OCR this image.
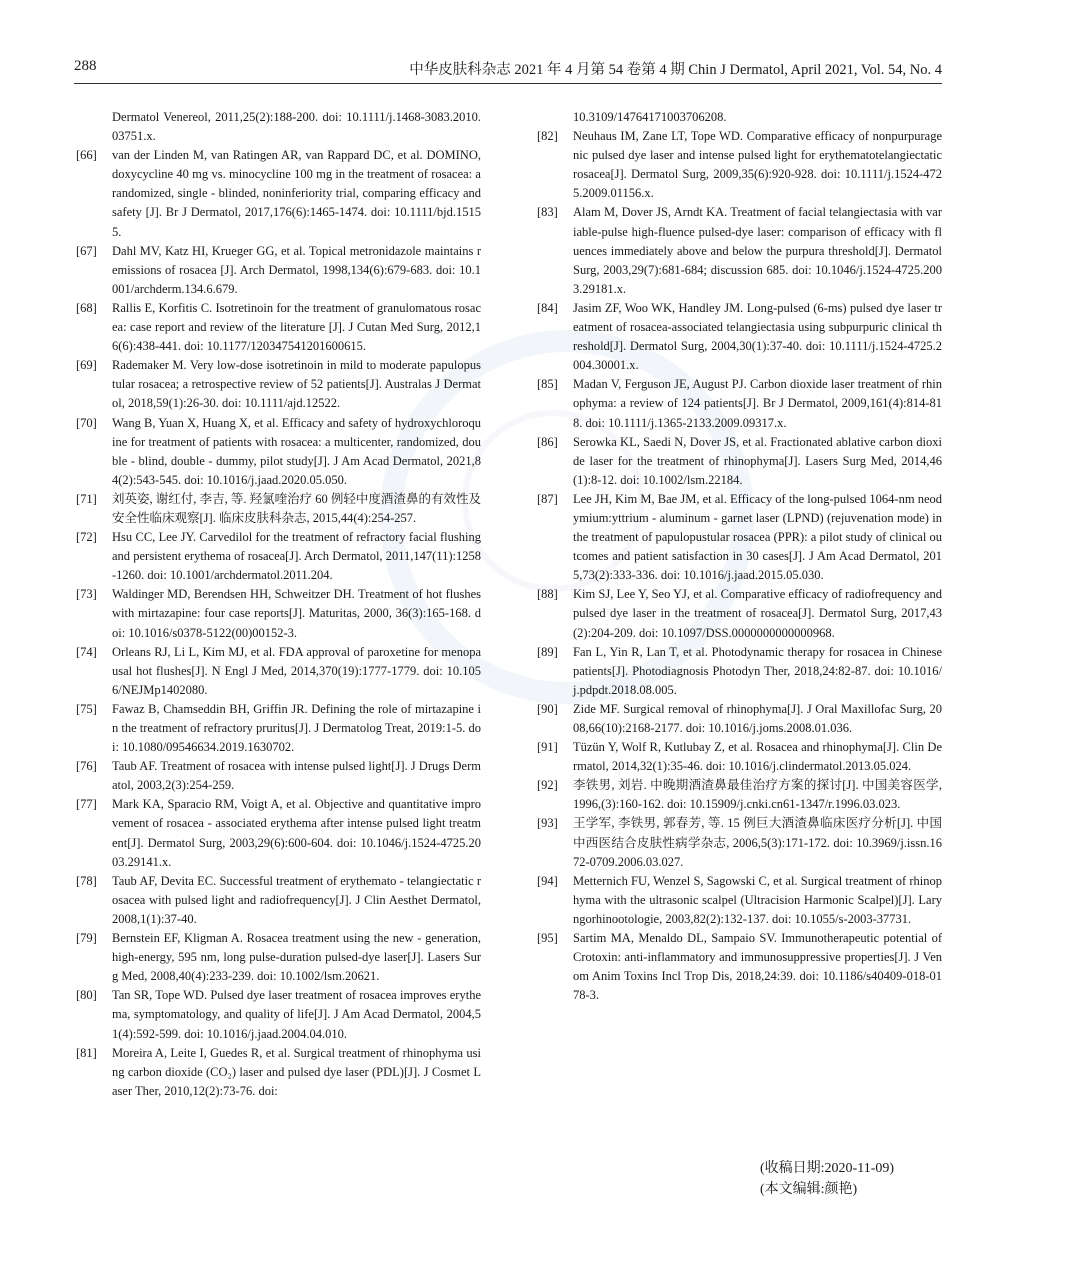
288	中华皮肤科杂志 2021 年 4 月第 54 卷第 4 期 Chin J Dermatol, April 2021, Vol. 54, No. 4
Dermatol Venereol, 2011,25(2):188-200. doi: 10.1111/j.1468-3083.2010.03751.x.
[66]	van der Linden M, van Ratingen AR, van Rappard DC, et al. DOMINO, doxycycline 40 mg vs. minocycline 100 mg in the treatment of rosacea: a randomized, single - blinded, noninferiority trial, comparing efficacy and safety [J]. Br J Dermatol, 2017,176(6):1465-1474. doi: 10.1111/bjd.15155.
[67]	Dahl MV, Katz HI, Krueger GG, et al. Topical metronidazole maintains remissions of rosacea [J]. Arch Dermatol, 1998,134(6):679-683. doi: 10.1001/archderm.134.6.679.
[68]	Rallis E, Korfitis C. Isotretinoin for the treatment of granulomatous rosacea: case report and review of the literature [J]. J Cutan Med Surg, 2012,16(6):438-441. doi: 10.1177/120347541201600615.
[69]	Rademaker M. Very low-dose isotretinoin in mild to moderate papulopustular rosacea; a retrospective review of 52 patients[J]. Australas J Dermatol, 2018,59(1):26-30. doi: 10.1111/ajd.12522.
[70]	Wang B, Yuan X, Huang X, et al. Efficacy and safety of hydroxychloroquine for treatment of patients with rosacea: a multicenter, randomized, double - blind, double - dummy, pilot study[J]. J Am Acad Dermatol, 2021,84(2):543-545. doi: 10.1016/j.jaad.2020.05.050.
[71]	刘英姿, 谢红付, 李吉, 等. 羟氯喹治疗 60 例轻中度酒渣鼻的有效性及安全性临床观察[J]. 临床皮肤科杂志, 2015,44(4):254-257.
[72]	Hsu CC, Lee JY. Carvedilol for the treatment of refractory facial flushing and persistent erythema of rosacea[J]. Arch Dermatol, 2011,147(11):1258-1260. doi: 10.1001/archdermatol.2011.204.
[73]	Waldinger MD, Berendsen HH, Schweitzer DH. Treatment of hot flushes with mirtazapine: four case reports[J]. Maturitas, 2000, 36(3):165-168. doi: 10.1016/s0378-5122(00)00152-3.
[74]	Orleans RJ, Li L, Kim MJ, et al. FDA approval of paroxetine for menopausal hot flushes[J]. N Engl J Med, 2014,370(19):1777-1779. doi: 10.1056/NEJMp1402080.
[75]	Fawaz B, Chamseddin BH, Griffin JR. Defining the role of mirtazapine in the treatment of refractory pruritus[J]. J Dermatolog Treat, 2019:1-5. doi: 10.1080/09546634.2019.1630702.
[76]	Taub AF. Treatment of rosacea with intense pulsed light[J]. J Drugs Dermatol, 2003,2(3):254-259.
[77]	Mark KA, Sparacio RM, Voigt A, et al. Objective and quantitative improvement of rosacea - associated erythema after intense pulsed light treatment[J]. Dermatol Surg, 2003,29(6):600-604. doi: 10.1046/j.1524-4725.2003.29141.x.
[78]	Taub AF, Devita EC. Successful treatment of erythemato - telangiectatic rosacea with pulsed light and radiofrequency[J]. J Clin Aesthet Dermatol, 2008,1(1):37-40.
[79]	Bernstein EF, Kligman A. Rosacea treatment using the new - generation, high-energy, 595 nm, long pulse-duration pulsed-dye laser[J]. Lasers Surg Med, 2008,40(4):233-239. doi: 10.1002/lsm.20621.
[80]	Tan SR, Tope WD. Pulsed dye laser treatment of rosacea improves erythema, symptomatology, and quality of life[J]. J Am Acad Dermatol, 2004,51(4):592-599. doi: 10.1016/j.jaad.2004.04.010.
[81]	Moreira A, Leite I, Guedes R, et al. Surgical treatment of rhinophyma using carbon dioxide (CO₂) laser and pulsed dye laser (PDL)[J]. J Cosmet Laser Ther, 2010,12(2):73-76. doi:
10.3109/14764171003706208.
[82]	Neuhaus IM, Zane LT, Tope WD. Comparative efficacy of nonpurpuragenic pulsed dye laser and intense pulsed light for erythematotelangiectatic rosacea[J]. Dermatol Surg, 2009,35(6):920-928. doi: 10.1111/j.1524-4725.2009.01156.x.
[83]	Alam M, Dover JS, Arndt KA. Treatment of facial telangiectasia with variable-pulse high-fluence pulsed-dye laser: comparison of efficacy with fluences immediately above and below the purpura threshold[J]. Dermatol Surg, 2003,29(7):681-684; discussion 685. doi: 10.1046/j.1524-4725.2003.29181.x.
[84]	Jasim ZF, Woo WK, Handley JM. Long-pulsed (6-ms) pulsed dye laser treatment of rosacea-associated telangiectasia using subpurpuric clinical threshold[J]. Dermatol Surg, 2004,30(1):37-40. doi: 10.1111/j.1524-4725.2004.30001.x.
[85]	Madan V, Ferguson JE, August PJ. Carbon dioxide laser treatment of rhinophyma: a review of 124 patients[J]. Br J Dermatol, 2009,161(4):814-818. doi: 10.1111/j.1365-2133.2009.09317.x.
[86]	Serowka KL, Saedi N, Dover JS, et al. Fractionated ablative carbon dioxide laser for the treatment of rhinophyma[J]. Lasers Surg Med, 2014,46(1):8-12. doi: 10.1002/lsm.22184.
[87]	Lee JH, Kim M, Bae JM, et al. Efficacy of the long-pulsed 1064-nm neodymium:yttrium - aluminum - garnet laser (LPND) (rejuvenation mode) in the treatment of papulopustular rosacea (PPR): a pilot study of clinical outcomes and patient satisfaction in 30 cases[J]. J Am Acad Dermatol, 2015,73(2):333-336. doi: 10.1016/j.jaad.2015.05.030.
[88]	Kim SJ, Lee Y, Seo YJ, et al. Comparative efficacy of radiofrequency and pulsed dye laser in the treatment of rosacea[J]. Dermatol Surg, 2017,43(2):204-209. doi: 10.1097/DSS.0000000000000968.
[89]	Fan L, Yin R, Lan T, et al. Photodynamic therapy for rosacea in Chinese patients[J]. Photodiagnosis Photodyn Ther, 2018,24:82-87. doi: 10.1016/j.pdpdt.2018.08.005.
[90]	Zide MF. Surgical removal of rhinophyma[J]. J Oral Maxillofac Surg, 2008,66(10):2168-2177. doi: 10.1016/j.joms.2008.01.036.
[91]	Tüzün Y, Wolf R, Kutlubay Z, et al. Rosacea and rhinophyma[J]. Clin Dermatol, 2014,32(1):35-46. doi: 10.1016/j.clindermatol.2013.05.024.
[92]	李铁男, 刘岩. 中晚期酒渣鼻最佳治疗方案的探讨[J]. 中国美容医学, 1996,(3):160-162. doi: 10.15909/j.cnki.cn61-1347/r.1996.03.023.
[93]	王学军, 李铁男, 郭春芳, 等. 15 例巨大酒渣鼻临床医疗分析[J]. 中国中西医结合皮肤性病学杂志, 2006,5(3):171-172. doi: 10.3969/j.issn.1672-0709.2006.03.027.
[94]	Metternich FU, Wenzel S, Sagowski C, et al. Surgical treatment of rhinophyma with the ultrasonic scalpel (Ultracision Harmonic Scalpel)[J]. Laryngorhinootologie, 2003,82(2):132-137. doi: 10.1055/s-2003-37731.
[95]	Sartim MA, Menaldo DL, Sampaio SV. Immunotherapeutic potential of Crotoxin: anti-inflammatory and immunosuppressive properties[J]. J Venom Anim Toxins Incl Trop Dis, 2018,24:39. doi: 10.1186/s40409-018-0178-3.
(收稿日期:2020-11-09)
(本文编辑:颜艳)
